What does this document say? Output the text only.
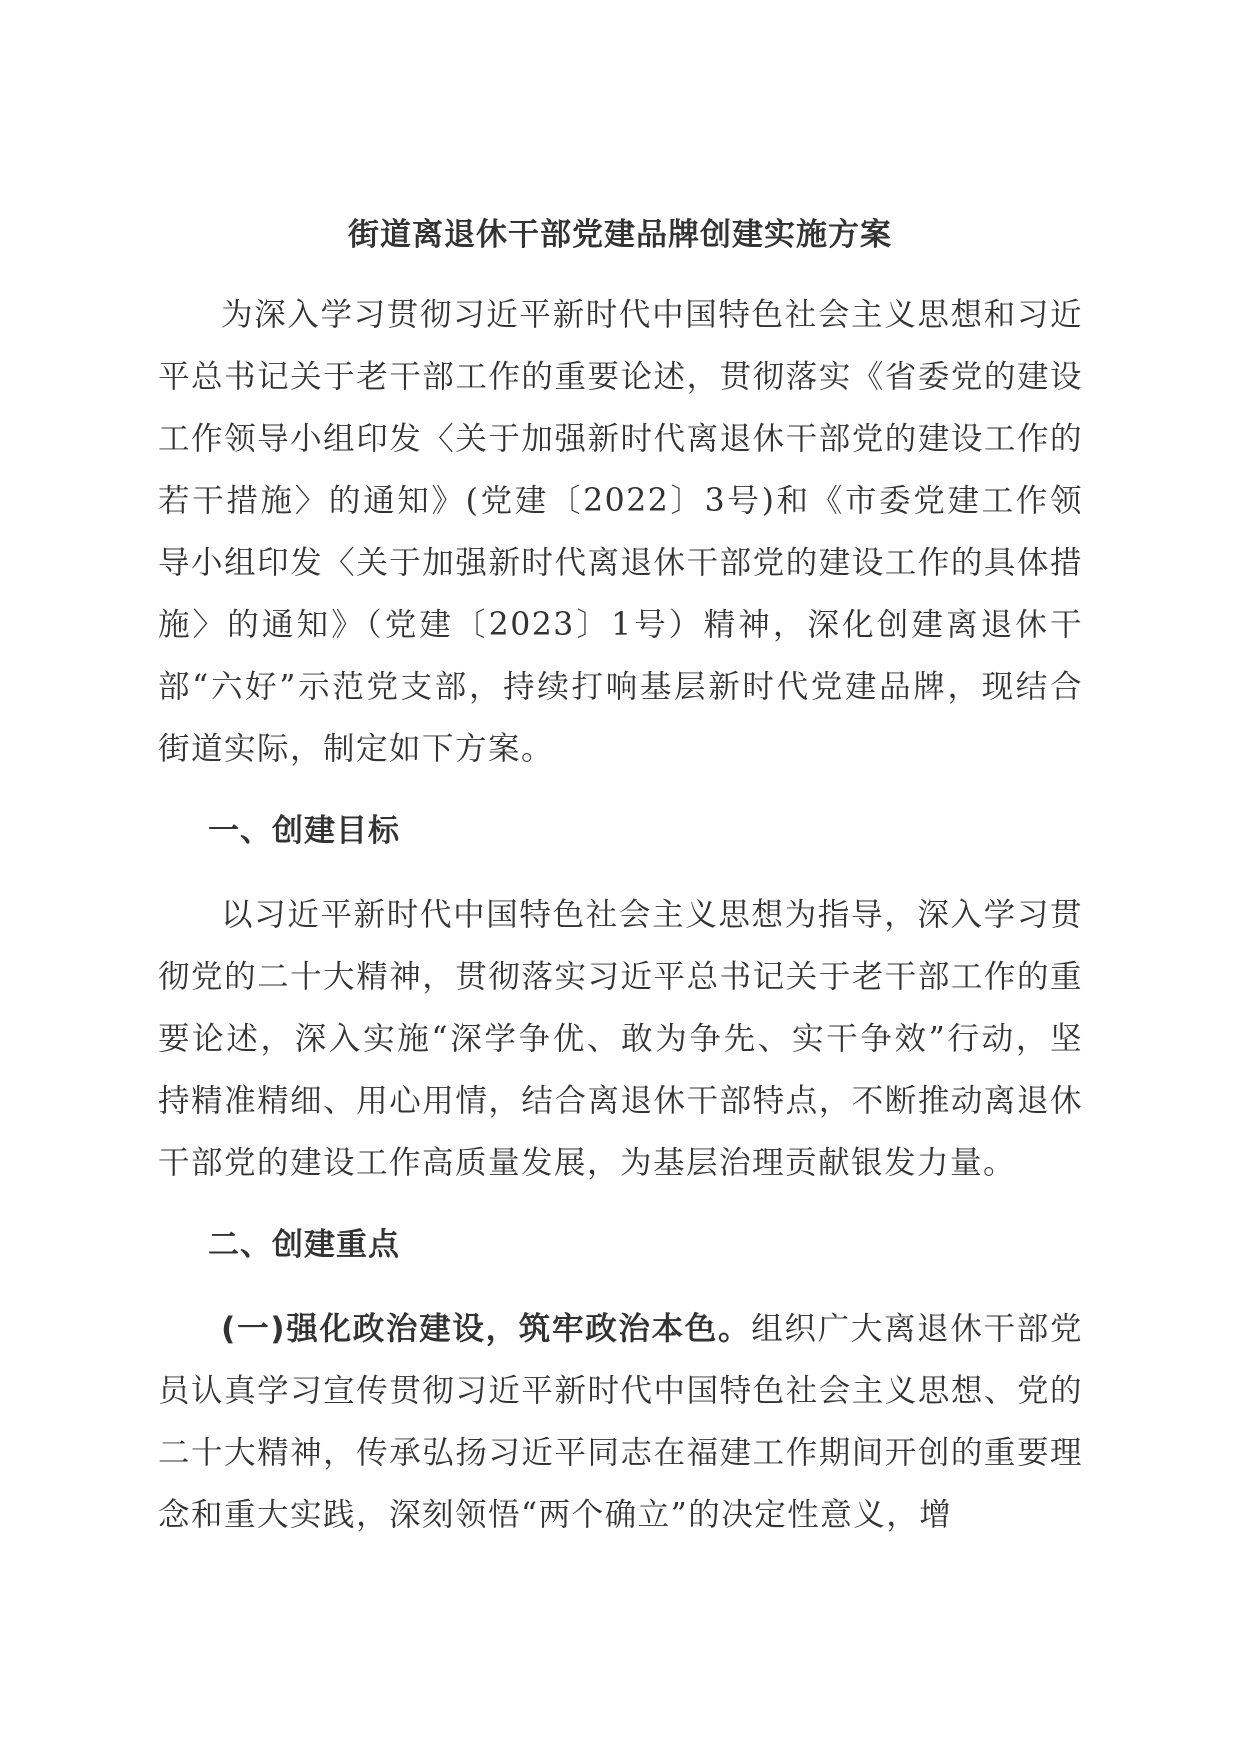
街道离退休干部党建品牌创建实施方案

为深入学习贯彻习近平新时代中国特色社会主义思想和习近平总书记关于老干部工作的重要论述，贯彻落实《省委党的建设工作领导小组印发〈关于加强新时代离退休干部党的建设工作的若干措施〉的通知》(党建〔2022〕3号)和《市委党建工作领导小组印发〈关于加强新时代离退休干部党的建设工作的具体措施〉的通知》（党建〔2023〕1号）精神，深化创建离退休干部“六好”示范党支部，持续打响基层新时代党建品牌，现结合街道实际，制定如下方案。

一、创建目标

以习近平新时代中国特色社会主义思想为指导，深入学习贯彻党的二十大精神，贯彻落实习近平总书记关于老干部工作的重要论述，深入实施“深学争优、敢为争先、实干争效”行动，坚持精准精细、用心用情，结合离退休干部特点，不断推动离退休干部党的建设工作高质量发展，为基层治理贡献银发力量。

二、创建重点

(一)强化政治建设，筑牢政治本色。组织广大离退休干部党员认真学习宣传贯彻习近平新时代中国特色社会主义思想、党的二十大精神，传承弘扬习近平同志在福建工作期间开创的重要理念和重大实践，深刻领悟“两个确立”的决定性意义，增
